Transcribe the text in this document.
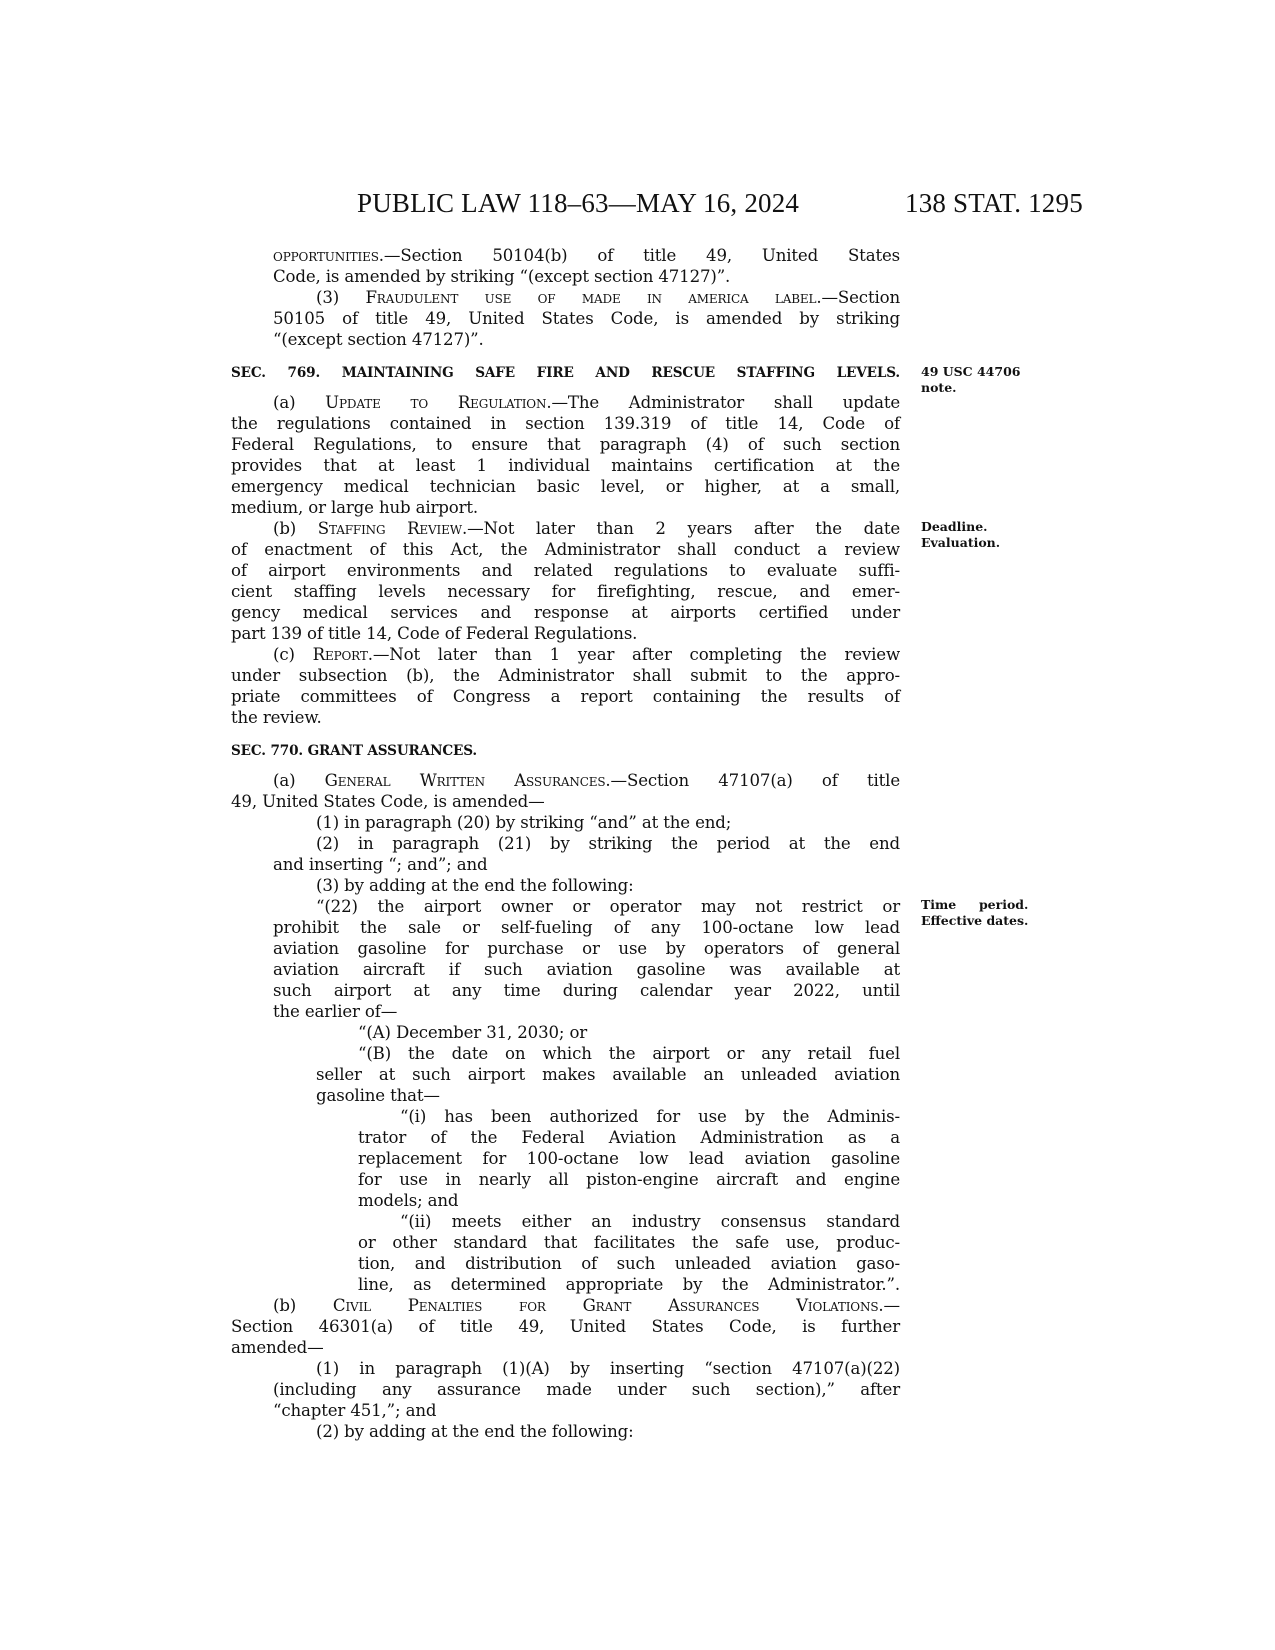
PUBLIC LAW 118–63—MAY 16, 2024	138 STAT. 1295
opportunities.—Section 50104(b) of title 49, United States
Code, is amended by striking “(except section 47127)”.
(3) Fraudulent use of made in america label.—Section
50105 of title 49, United States Code, is amended by striking
“(except section 47127)”.
SEC. 769. MAINTAINING SAFE FIRE AND RESCUE STAFFING LEVELS. 49 USC 44706
note.
(a) Update to Regulation.—The Administrator shall update
the regulations contained in section 139.319 of title 14, Code of
Federal Regulations, to ensure that paragraph (4) of such section
provides that at least 1 individual maintains certification at the
emergency medical technician basic level, or higher, at a small,
medium, or large hub airport.
(b) Staffing Review.—Not later than 2 years after the date Deadline.
Evaluation.
of enactment of this Act, the Administrator shall conduct a review
of airport environments and related regulations to evaluate suffi-
cient staffing levels necessary for firefighting, rescue, and emer-
gency medical services and response at airports certified under
part 139 of title 14, Code of Federal Regulations.
(c) Report.—Not later than 1 year after completing the review
under subsection (b), the Administrator shall submit to the appro-
priate committees of Congress a report containing the results of
the review.
SEC. 770. GRANT ASSURANCES.
(a) General Written Assurances.—Section 47107(a) of title
49, United States Code, is amended—
(1) in paragraph (20) by striking “and” at the end;
(2) in paragraph (21) by striking the period at the end
and inserting “; and”; and
(3) by adding at the end the following:
“(22) the airport owner or operator may not restrict or Time period.
Effective dates.
prohibit the sale or self-fueling of any 100-octane low lead
aviation gasoline for purchase or use by operators of general
aviation aircraft if such aviation gasoline was available at
such airport at any time during calendar year 2022, until
the earlier of—
“(A) December 31, 2030; or
“(B) the date on which the airport or any retail fuel
seller at such airport makes available an unleaded aviation
gasoline that—
“(i) has been authorized for use by the Adminis-
trator of the Federal Aviation Administration as a
replacement for 100-octane low lead aviation gasoline
for use in nearly all piston-engine aircraft and engine
models; and
“(ii) meets either an industry consensus standard
or other standard that facilitates the safe use, produc-
tion, and distribution of such unleaded aviation gaso-
line, as determined appropriate by the Administrator.”.
(b) Civil Penalties for Grant Assurances Violations.—
Section 46301(a) of title 49, United States Code, is further
amended—
(1) in paragraph (1)(A) by inserting “section 47107(a)(22)
(including any assurance made under such section),” after
“chapter 451,”; and
(2) by adding at the end the following:
